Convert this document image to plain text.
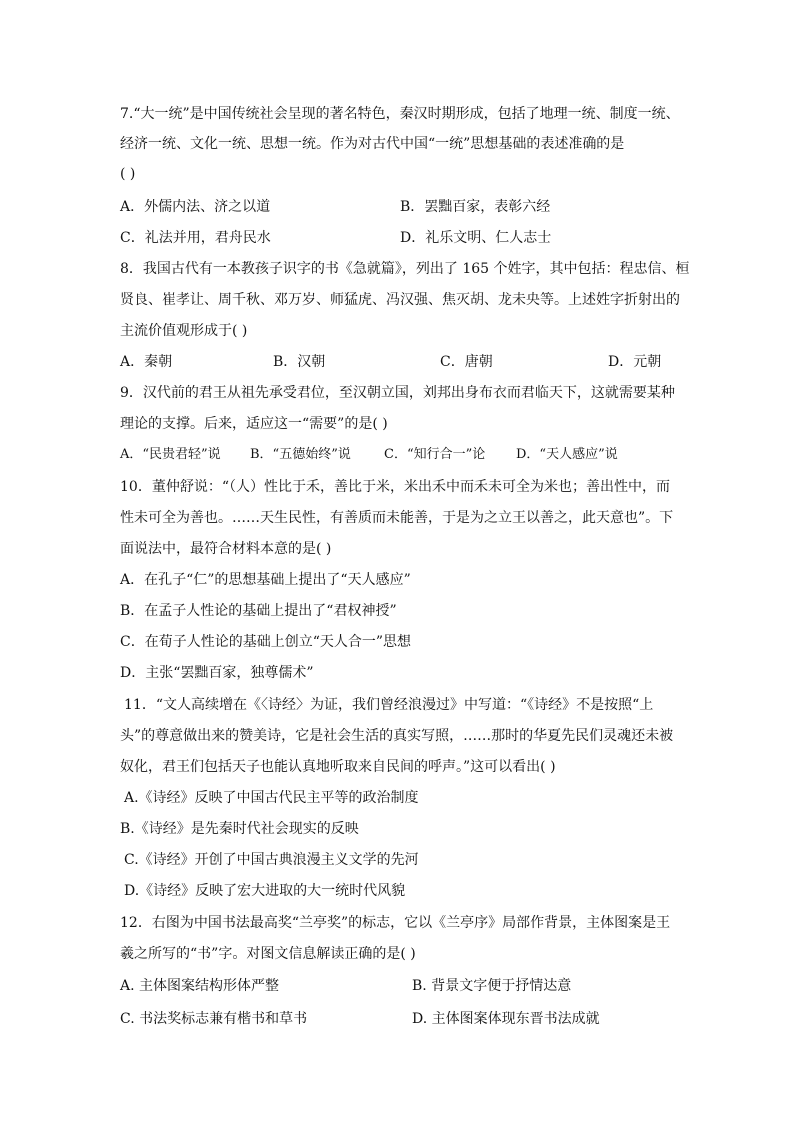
7.“大一统”是中国传统社会呈现的著名特色，秦汉时期形成，包括了地理一统、制度一统、
经济一统、文化一统、思想一统。作为对古代中国“一统”思想基础的表述准确的是
( )
A．外儒内法、济之以道	B．罢黜百家，表彰六经
C．礼法并用，君舟民水	D．礼乐文明、仁人志士
8．我国古代有一本教孩子识字的书《急就篇》，列出了 165 个姓字，其中包括：程忠信、桓
贤良、崔孝让、周千秋、邓万岁、师猛虎、冯汉强、焦灭胡、龙未央等。上述姓字折射出的
主流价值观形成于( )
A．秦朝	B．汉朝	C．唐朝	D．元朝
9．汉代前的君王从祖先承受君位，至汉朝立国，刘邦出身布衣而君临天下，这就需要某种
理论的支撑。后来，适应这一“需要”的是( )
A．“民贵君轻”说 B．“五德始终”说	C．“知行合一”论 D．“天人感应”说
10．董仲舒说：“（人）性比于禾，善比于米，米出禾中而禾未可全为米也；善出性中，而
性未可全为善也。……天生民性，有善质而未能善，于是为之立王以善之，此天意也”。下
面说法中，最符合材料本意的是( )
A．在孔子“仁”的思想基础上提出了“天人感应”
B．在孟子人性论的基础上提出了“君权神授”
C．在荀子人性论的基础上创立“天人合一”思想
D．主张“罢黜百家，独尊儒术”
11．“文人高续增在《〈诗经〉为证，我们曾经浪漫过》中写道：“《诗经》不是按照“上
头”的尊意做出来的赞美诗，它是社会生活的真实写照，……那时的华夏先民们灵魂还未被
奴化，君王们包括天子也能认真地听取来自民间的呼声。”这可以看出( )
A.《诗经》反映了中国古代民主平等的政治制度
B.《诗经》是先秦时代社会现实的反映
C.《诗经》开创了中国古典浪漫主义文学的先河
D.《诗经》反映了宏大进取的大一统时代风貌
12．右图为中国书法最高奖“兰亭奖”的标志，它以《兰亭序》局部作背景，主体图案是王
羲之所写的“书”字。对图文信息解读正确的是( )
A. 主体图案结构形体严整	B. 背景文字便于抒情达意
C. 书法奖标志兼有楷书和草书	D. 主体图案体现东晋书法成就
